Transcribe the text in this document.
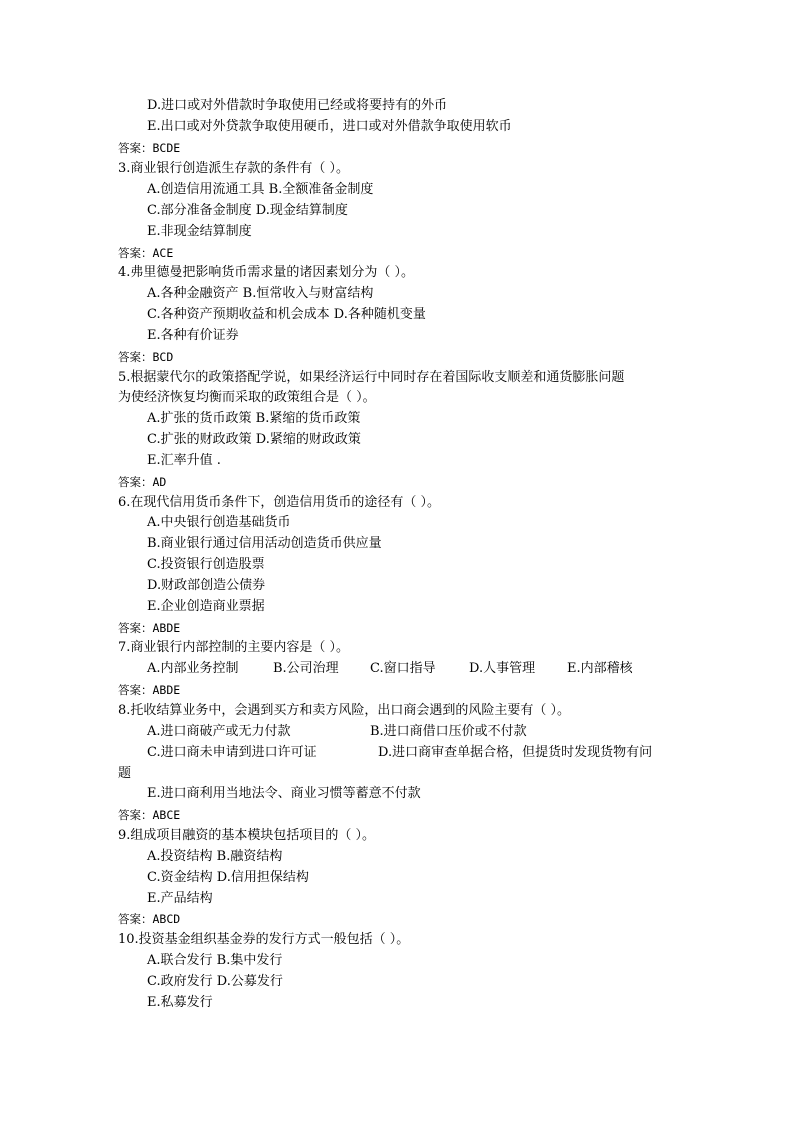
D.进口或对外借款时争取使用已经或将要持有的外币
E.出口或对外贷款争取使用硬币，进口或对外借款争取使用软币
答案：BCDE
3.商业银行创造派生存款的条件有（ ）。
A.创造信用流通工具 B.全额准备金制度
C.部分准备金制度 D.现金结算制度
E.非现金结算制度
答案：ACE
4.弗里德曼把影响货币需求量的诸因素划分为（ ）。
A.各种金融资产 B.恒常收入与财富结构
C.各种资产预期收益和机会成本 D.各种随机变量
E.各种有价证券
答案：BCD
5.根据蒙代尔的政策搭配学说，如果经济运行中同时存在着国际收支顺差和通货膨胀问题
为使经济恢复均衡而采取的政策组合是（ ）。
A.扩张的货币政策 B.紧缩的货币政策
C.扩张的财政政策 D.紧缩的财政政策
E.汇率升值 .
答案：AD
6.在现代信用货币条件下，创造信用货币的途径有（ ）。
A.中央银行创造基础货币
B.商业银行通过信用活动创造货币供应量
C.投资银行创造股票
D.财政部创造公债券
E.企业创造商业票据
答案：ABDE
7.商业银行内部控制的主要内容是（ ）。
A.内部业务控制	B.公司治理 C.窗口指导	D.人事管理 E.内部稽核
答案：ABDE
8.托收结算业务中，会遇到买方和卖方风险，出口商会遇到的风险主要有（ ）。
A.进口商破产或无力付款	B.进口商借口压价或不付款
C.进口商未申请到进口许可证	D.进口商审查单据合格，但提货时发现货物有问
题
E.进口商利用当地法令、商业习惯等蓄意不付款
答案：ABCE
9.组成项目融资的基本模块包括项目的（ ）。
A.投资结构 B.融资结构
C.资金结构 D.信用担保结构
E.产品结构
答案：ABCD
10.投资基金组织基金券的发行方式一般包括（ ）。
A.联合发行 B.集中发行
C.政府发行 D.公募发行
E.私募发行
